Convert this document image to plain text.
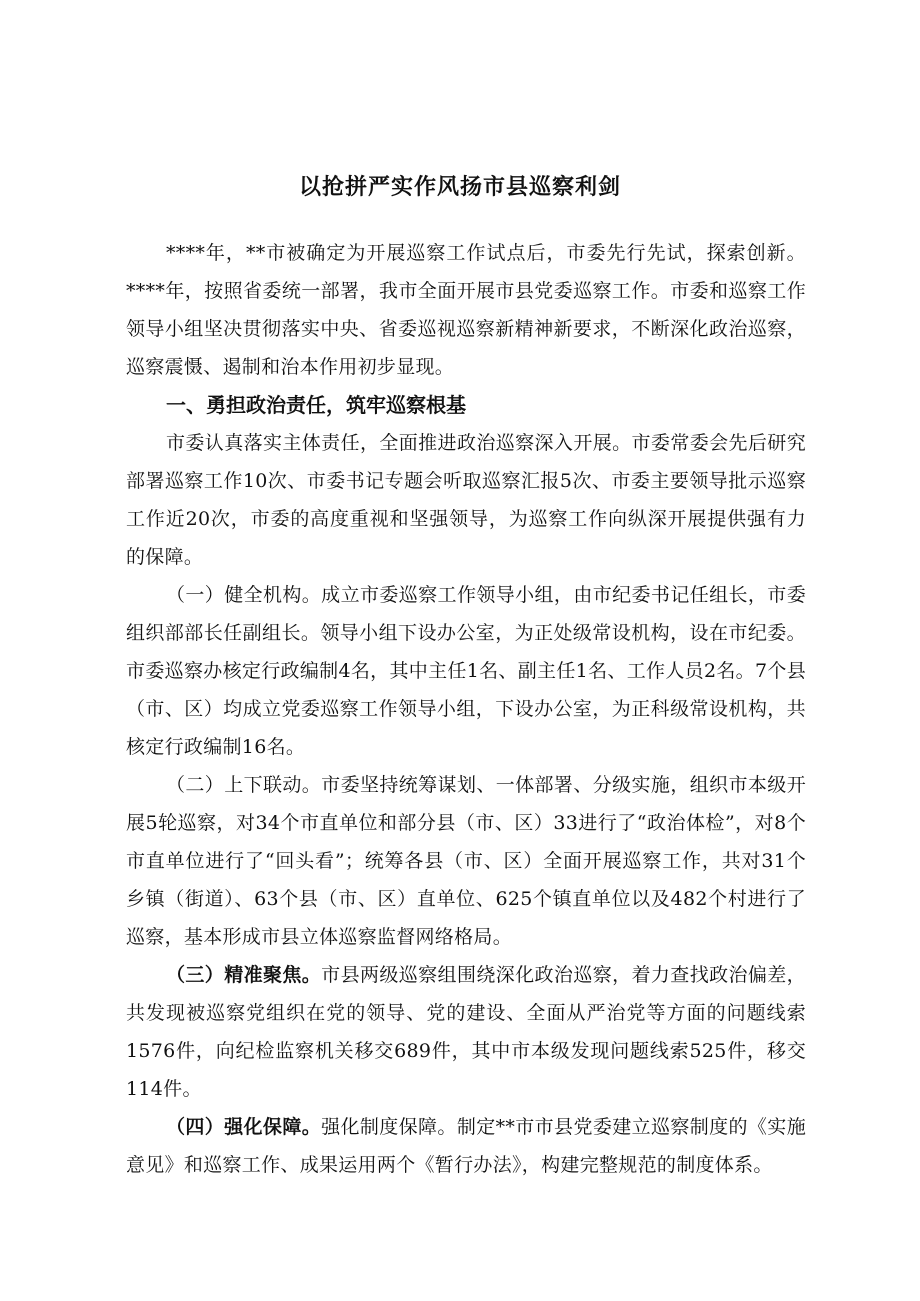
以抢拼严实作风扬市县巡察利剑

****年，**市被确定为开展巡察工作试点后，市委先行先试，探索创新。****年，按照省委统一部署，我市全面开展市县党委巡察工作。市委和巡察工作领导小组坚决贯彻落实中央、省委巡视巡察新精神新要求，不断深化政治巡察，巡察震慑、遏制和治本作用初步显现。

一、勇担政治责任，筑牢巡察根基

市委认真落实主体责任，全面推进政治巡察深入开展。市委常委会先后研究部署巡察工作10次、市委书记专题会听取巡察汇报5次、市委主要领导批示巡察工作近20次，市委的高度重视和坚强领导，为巡察工作向纵深开展提供强有力的保障。

（一）健全机构。成立市委巡察工作领导小组，由市纪委书记任组长，市委组织部部长任副组长。领导小组下设办公室，为正处级常设机构，设在市纪委。市委巡察办核定行政编制4名，其中主任1名、副主任1名、工作人员2名。7个县（市、区）均成立党委巡察工作领导小组，下设办公室，为正科级常设机构，共核定行政编制16名。

（二）上下联动。市委坚持统筹谋划、一体部署、分级实施，组织市本级开展5轮巡察，对34个市直单位和部分县（市、区）33进行了“政治体检”，对8个市直单位进行了“回头看”；统筹各县（市、区）全面开展巡察工作，共对31个乡镇（街道）、63个县（市、区）直单位、625个镇直单位以及482个村进行了巡察，基本形成市县立体巡察监督网络格局。

（三）精准聚焦。市县两级巡察组围绕深化政治巡察，着力查找政治偏差，共发现被巡察党组织在党的领导、党的建设、全面从严治党等方面的问题线索1576件，向纪检监察机关移交689件，其中市本级发现问题线索525件，移交114件。

（四）强化保障。强化制度保障。制定**市市县党委建立巡察制度的《实施意见》和巡察工作、成果运用两个《暂行办法》，构建完整规范的制度体系。
